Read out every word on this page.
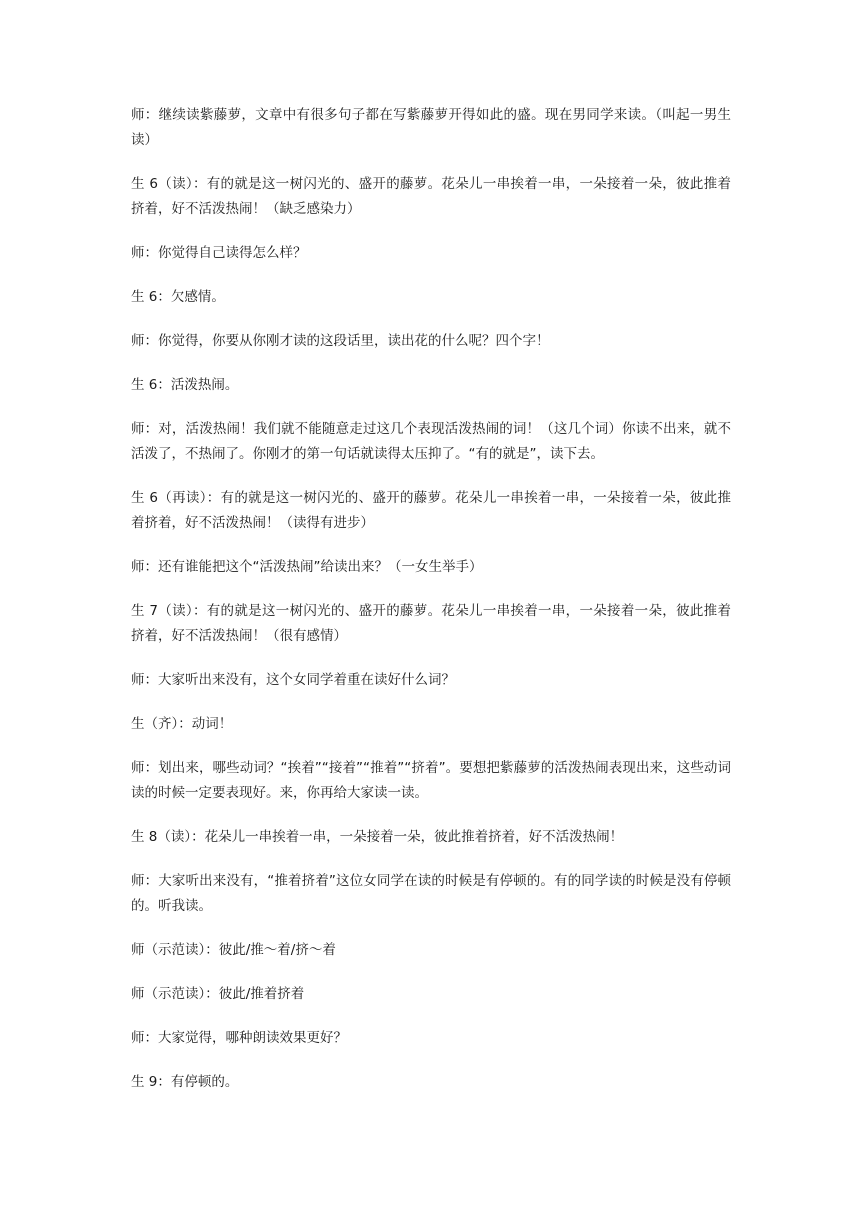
师：继续读紫藤萝，文章中有很多句子都在写紫藤萝开得如此的盛。现在男同学来读。（叫起一男生读）

生 6（读）：有的就是这一树闪光的、盛开的藤萝。花朵儿一串挨着一串，一朵接着一朵，彼此推着挤着，好不活泼热闹！（缺乏感染力）

师：你觉得自己读得怎么样？

生 6：欠感情。

师：你觉得，你要从你刚才读的这段话里，读出花的什么呢？四个字！

生 6：活泼热闹。

师：对，活泼热闹！我们就不能随意走过这几个表现活泼热闹的词！（这几个词）你读不出来，就不活泼了，不热闹了。你刚才的第一句话就读得太压抑了。“有的就是”，读下去。

生 6（再读）：有的就是这一树闪光的、盛开的藤萝。花朵儿一串挨着一串，一朵接着一朵，彼此推着挤着，好不活泼热闹！（读得有进步）

师：还有谁能把这个“活泼热闹”给读出来？（一女生举手）

生 7（读）：有的就是这一树闪光的、盛开的藤萝。花朵儿一串挨着一串，一朵接着一朵，彼此推着挤着，好不活泼热闹！（很有感情）

师：大家听出来没有，这个女同学着重在读好什么词？

生（齐）：动词！

师：划出来，哪些动词？“挨着”“接着”“推着”“挤着”。要想把紫藤萝的活泼热闹表现出来，这些动词读的时候一定要表现好。来，你再给大家读一读。

生 8（读）：花朵儿一串挨着一串，一朵接着一朵，彼此推着挤着，好不活泼热闹！

师：大家听出来没有，“推着挤着”这位女同学在读的时候是有停顿的。有的同学读的时候是没有停顿的。听我读。

师（示范读）：彼此/推～着/挤～着

师（示范读）：彼此/推着挤着

师：大家觉得，哪种朗读效果更好？

生 9：有停顿的。
